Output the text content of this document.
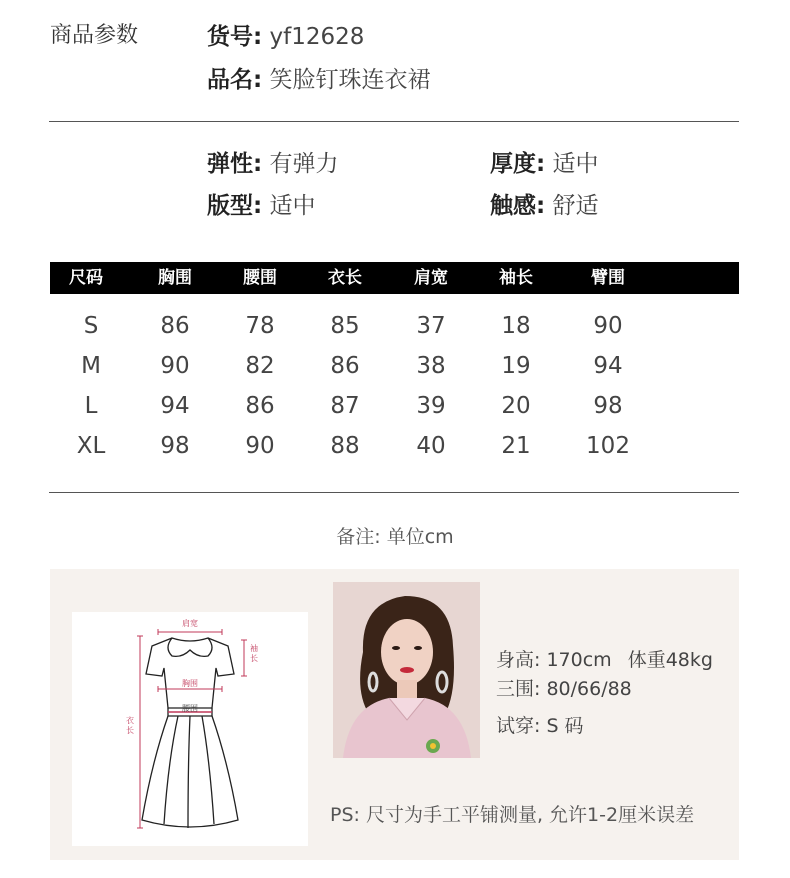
商品参数	货号: yf12628
品名: 笑脸钉珠连衣裙
弹性: 有弹力	厚度: 适中
版型: 适中	触感: 舒适
尺码	胸围	腰围	衣长	肩宽	袖长	臂围
S	86	78	85	37	18	90
M	90	82	86	38	19	94
L	94	86	87	39	20	98
XL	98	90	88	40	21	102
备注: 单位cm
肩宽
胸围
腰围
袖长
衣长
身高: 170cm 体重48kg
三围: 80/66/88
试穿: S 码
PS: 尺寸为手工平铺测量, 允许1-2厘米误差
